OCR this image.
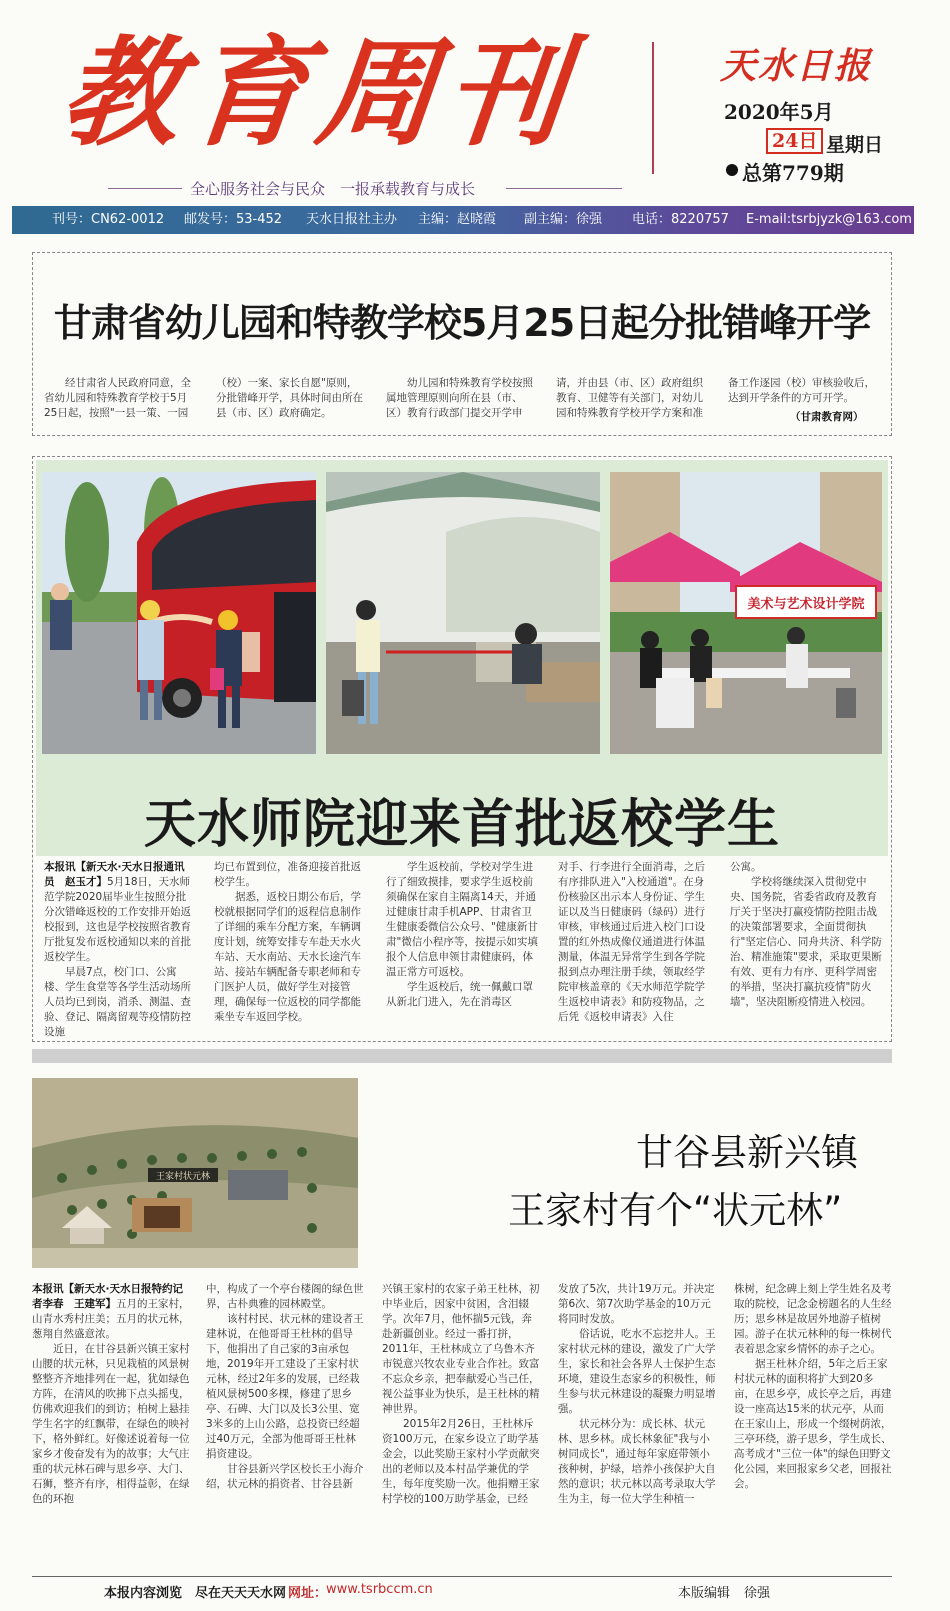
教育周刊	天水日报
2020年5月
24日 星期日
总第779期
全心服务社会与民众　一报承载教育与成长
刊号：CN62-0012 邮发号：53-452 天水日报社主办 主编：赵晓霞 副主编：徐强 电话：8220757 E-mail:tsrbjyzk@163.com
甘肃省幼儿园和特教学校5月25日起分批错峰开学
　　经甘肃省人民政府同意，全省幼儿园和特殊教育学校于5月25日起，按照"一县一策、一园
（校）一案、家长自愿"原则，分批错峰开学，具体时间由所在县（市、区）政府确定。
　　幼儿园和特殊教育学校按照属地管理原则向所在县（市、区）教育行政部门提交开学申
请，并由县（市、区）政府组织教育、卫健等有关部门，对幼儿园和特殊教育学校开学方案和准
备工作逐园（校）审核验收后，达到开学条件的方可开学。
（甘肃教育网）
美术与艺术设计学院
天水师院迎来首批返校学生
本报讯【新天水·天水日报通讯员　赵玉才】5月18日，天水师范学院2020届毕业生按照分批分次错峰返校的工作安排开始返校报到，这也是学校按照省教育厅批复发布返校通知以来的首批返校学生。
　　早晨7点，校门口、公寓楼、学生食堂等各学生活动场所人员均已到岗，消杀、测温、查验、登记、隔离留观等疫情防控设施
均已布置到位，准备迎接首批返校学生。
　　据悉，返校日期公布后，学校就根据同学们的返程信息制作了详细的乘车分配方案，车辆调度计划，统筹安排专车赴天水火车站、天水南站、天水长途汽车站、接站车辆配备专职老师和专门医护人员，做好学生对接管理，确保每一位返校的同学都能乘坐专车返回学校。
　　学生返校前，学校对学生进行了细致摸排，要求学生返校前须确保在家自主隔离14天，并通过健康甘肃手机APP、甘肃省卫生健康委微信公众号、"健康新甘肃"微信小程序等，按提示如实填报个人信息申领甘肃健康码，体温正常方可返校。
　　学生返校后，统一佩戴口罩从新北门进入，先在消毒区
对手、行李进行全面消毒，之后有序排队进入"入校通道"。在身份核验区出示本人身份证、学生证以及当日健康码（绿码）进行审核，审核通过后进入校门口设置的红外热成像仪通道进行体温测量，体温无异常学生到各学院报到点办理注册手续，领取经学院审核盖章的《天水师范学院学生返校申请表》和防疫物品，之后凭《返校申请表》入住
公寓。
　　学校将继续深入贯彻党中央、国务院，省委省政府及教育厅关于坚决打赢疫情防控阻击战的决策部署要求，全面贯彻执行"坚定信心、同舟共济、科学防治、精准施策"要求，采取更果断有效、更有力有序、更科学周密的举措，坚决打赢抗疫情"防火墙"，坚决阻断疫情进入校园。
王家村状元林
甘谷县新兴镇
王家村有个“状元林”
本报讯【新天水·天水日报特约记者李春　王建军】五月的王家村，山青水秀村庄美；五月的状元林，葱翔自然盛意浓。
　　近日，在甘谷县新兴镇王家村山腰的状元林，只见栽植的风景树整整齐齐地排列在一起，犹如绿色方阵，在清风的吹拂下点头摇曳，仿佛欢迎我们的到访；柏树上悬挂学生名字的红飘带，在绿色的映衬下，格外鲜红。好像述说着每一位家乡才俊奋发有为的故事；大气庄重的状元林石碑与思乡亭、大门、石狮，整齐有序，相得益彰，在绿色的环抱
中，构成了一个亭台楼阁的绿色世界，古朴典雅的园林殿堂。
　　该村村民、状元林的建设者王建林说，在他哥哥王杜林的倡导下，他捐出了自己家的3亩承包地，2019年开工建设了王家村状元林，经过2年多的发展，已经栽植风景树500多棵，修建了思乡亭、石碑、大门以及长3公里、宽3米多的上山公路，总投资已经超过40万元，全部为他哥哥王杜林捐资建设。
　　甘谷县新兴学区校长王小海介绍，状元林的捐资者、甘谷县新
兴镇王家村的农家子弟王杜林，初中毕业后，因家中贫困，含泪辍学。次年7月，他怀揣5元钱，奔赴新疆创业。经过一番打拼，2011年，王杜林成立了乌鲁木齐市锐意兴牧农业专业合作社。致富不忘众乡亲，把奉献爱心当己任，视公益事业为快乐，是王杜林的精神世界。
　　2015年2月26日，王杜林斥资100万元，在家乡设立了助学基金会，以此奖励王家村小学贡献突出的老师以及本村品学兼优的学生，每年度奖励一次。他捐赠王家村学校的100万助学基金，已经
发放了5次，共计19万元。并决定第6次、第7次助学基金的10万元将同时发放。
　　俗话说，吃水不忘挖井人。王家村状元林的建设，激发了广大学生，家长和社会各界人士保护生态环境，建设生态家乡的积极性，师生参与状元林建设的凝聚力明显增强。
　　状元林分为：成长林、状元林、思乡林。成长林象征"我与小树同成长"，通过每年家庭带领小孩种树，护绿，培养小孩保护大自然的意识；状元林以高考录取大学生为主，每一位大学生种植一
株树，纪念碑上刻上学生姓名及考取的院校，记念金榜题名的人生经历；思乡林是故居外地游子植树园。游子在状元林种的每一株树代表着思念家乡情怀的赤子之心。
　　据王杜林介绍，5年之后王家村状元林的面积将扩大到20多亩，在思乡亭，成长亭之后，再建设一座高达15米的状元亭，从而在王家山上，形成一个缀树荫浓，三亭环绕，游子思乡，学生成长、高考成才"三位一体"的绿色田野文化公园，来回报家乡父老，回报社会。
本报内容浏览　尽在天天天水网 网址：
www.tsrbccm.cn	本版编辑 徐强
